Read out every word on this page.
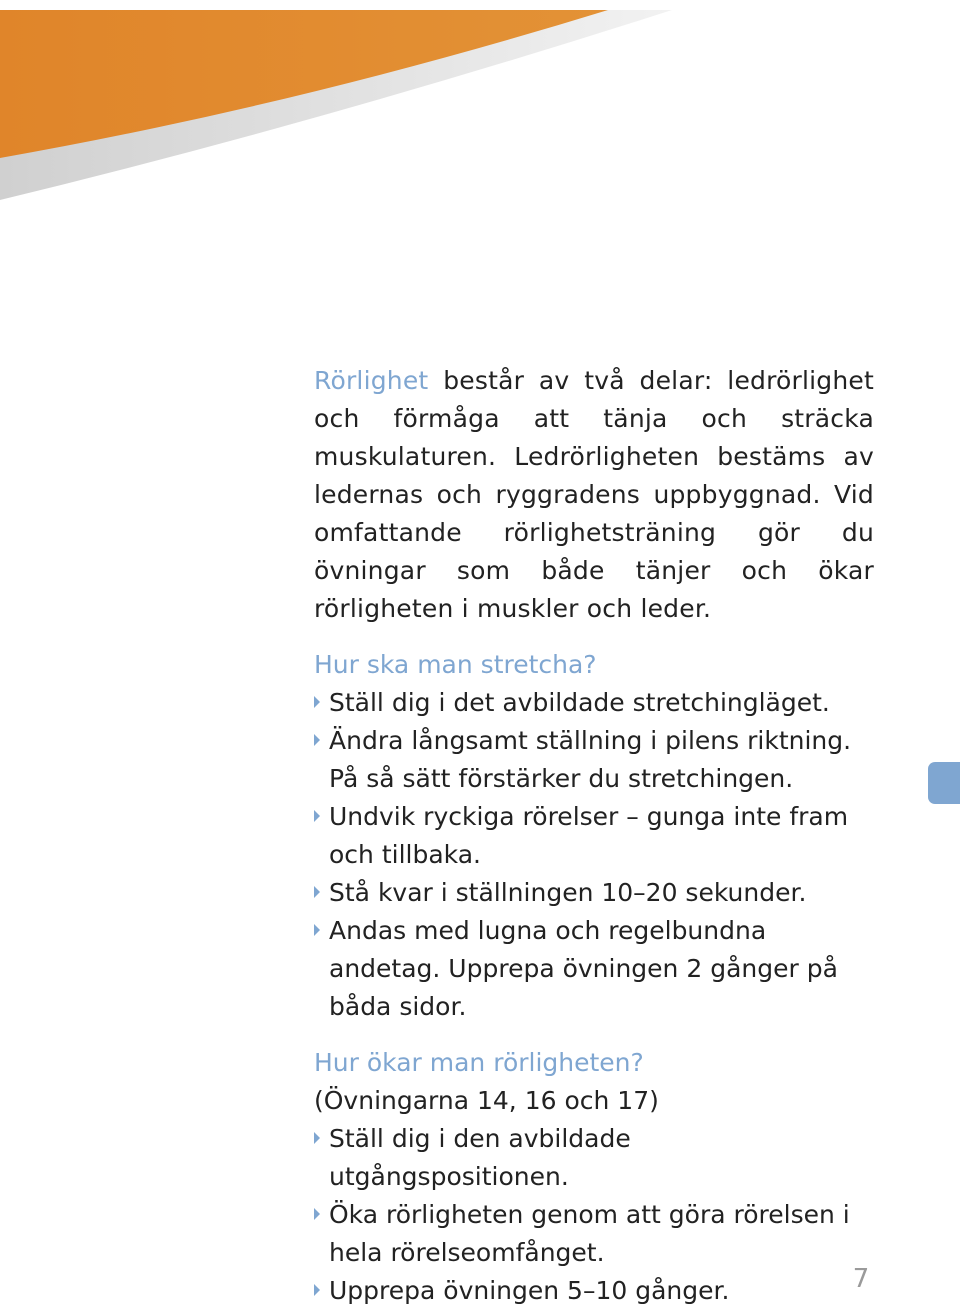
Rörlighet består av två delar: ledrörlighet och förmåga att tänja och sträcka muskulaturen. Ledrörligheten bestäms av ledernas och ryggradens uppbyggnad. Vid omfattande rörlighetsträning gör du övningar som både tänjer och ökar rörligheten i muskler och leder.

Hur ska man stretcha?
Ställ dig i det avbildade stretchingläget.
Ändra långsamt ställning i pilens riktning. På så sätt förstärker du stretchingen.
Undvik ryckiga rörelser – gunga inte fram och tillbaka.
Stå kvar i ställningen 10–20 sekunder.
Andas med lugna och regelbundna andetag. Upprepa övningen 2 gånger på båda sidor.
Hur ökar man rörligheten?

(Övningarna 14, 16 och 17)

Ställ dig i den avbildade utgångspositionen.
Öka rörligheten genom att göra rörelsen i hela rörelseomfånget.
Upprepa övningen 5–10 gånger.	7
